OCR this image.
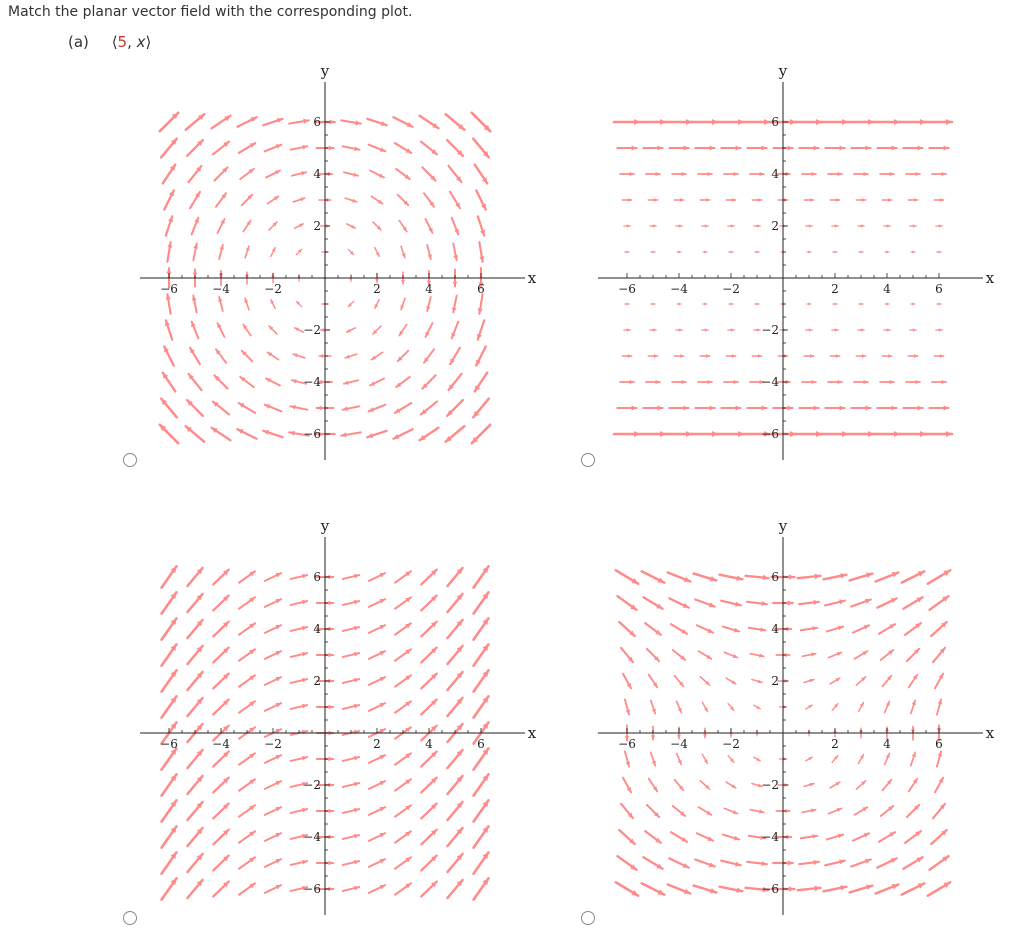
Match the planar vector field with the corresponding plot.
(a) ⟨5, x⟩
−6	−4	−2	2	4	6
6
4
2
−2
−4
−6
x
y
−6	−4	−2	2	4	6
6
4
2
−2
−4
−6
x
y
−6	−4	−2	2	4	6
6
4
2
−2
−4
−6
x
y
−6	−4	−2	2	4	6
6
4
2
−2
−4
−6
x
y
